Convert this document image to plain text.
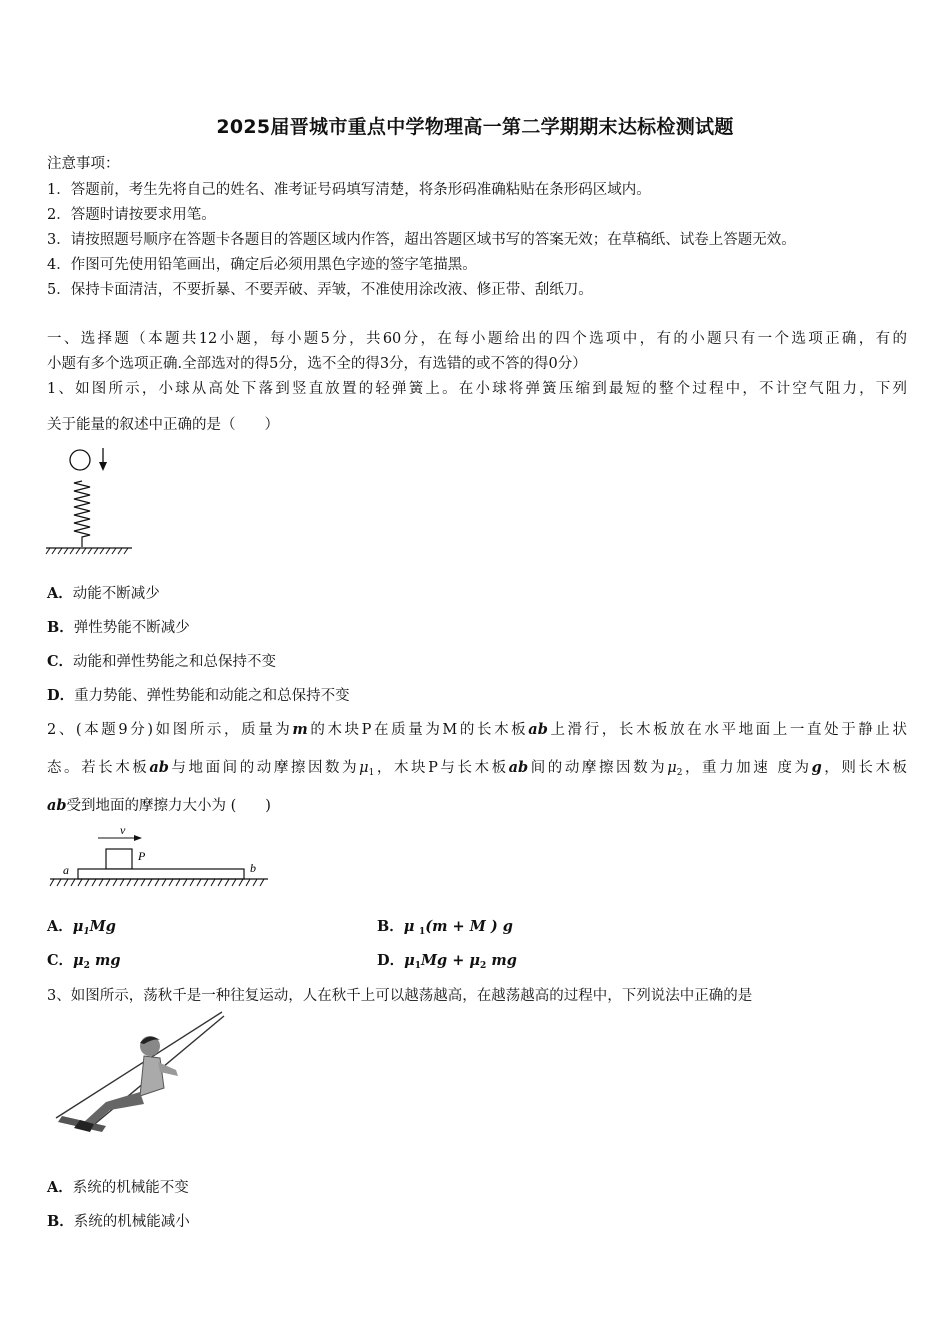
2025届晋城市重点中学物理高一第二学期期末达标检测试题
注意事项：
1．答题前，考生先将自己的姓名、准考证号码填写清楚，将条形码准确粘贴在条形码区域内。
2．答题时请按要求用笔。
3．请按照题号顺序在答题卡各题目的答题区域内作答，超出答题区域书写的答案无效；在草稿纸、试卷上答题无效。
4．作图可先使用铅笔画出，确定后必须用黑色字迹的签字笔描黑。
5．保持卡面清洁，不要折暴、不要弄破、弄皱，不准使用涂改液、修正带、刮纸刀。
一、选择题（本题共12小题，每小题5分，共60分，在每小题给出的四个选项中，有的小题只有一个选项正确，有的
小题有多个选项正确.全部选对的得5分，选不全的得3分，有选错的或不答的得0分）
1、如图所示，小球从高处下落到竖直放置的轻弹簧上。在小球将弹簧压缩到最短的整个过程中，不计空气阻力，下列
关于能量的叙述中正确的是（　　）
A．动能不断减少
B．弹性势能不断减少
C．动能和弹性势能之和总保持不变
D．重力势能、弹性势能和动能之和总保持不变
2、(本题9分)如图所示，质量为m的木块P在质量为M的长木板ab上滑行，长木板放在水平地面上一直处于静止状
态。若长木板ab与地面间的动摩擦因数为$\mu_1$，木块P与长木板ab间的动摩擦因数为$\mu_2$，重力加速 度为g，则长木板
ab受到地面的摩擦力大小为 (　　)
v
P
a	b
A．$\mu_1Mg$	B．μ $_1$(m + M ) g
C．$\mu_2$ mg	D．$\mu_1Mg + \mu_2$ mg
3、如图所示，荡秋千是一种往复运动，人在秋千上可以越荡越高，在越荡越高的过程中，下列说法中正确的是
A．系统的机械能不变
B．系统的机械能减小
